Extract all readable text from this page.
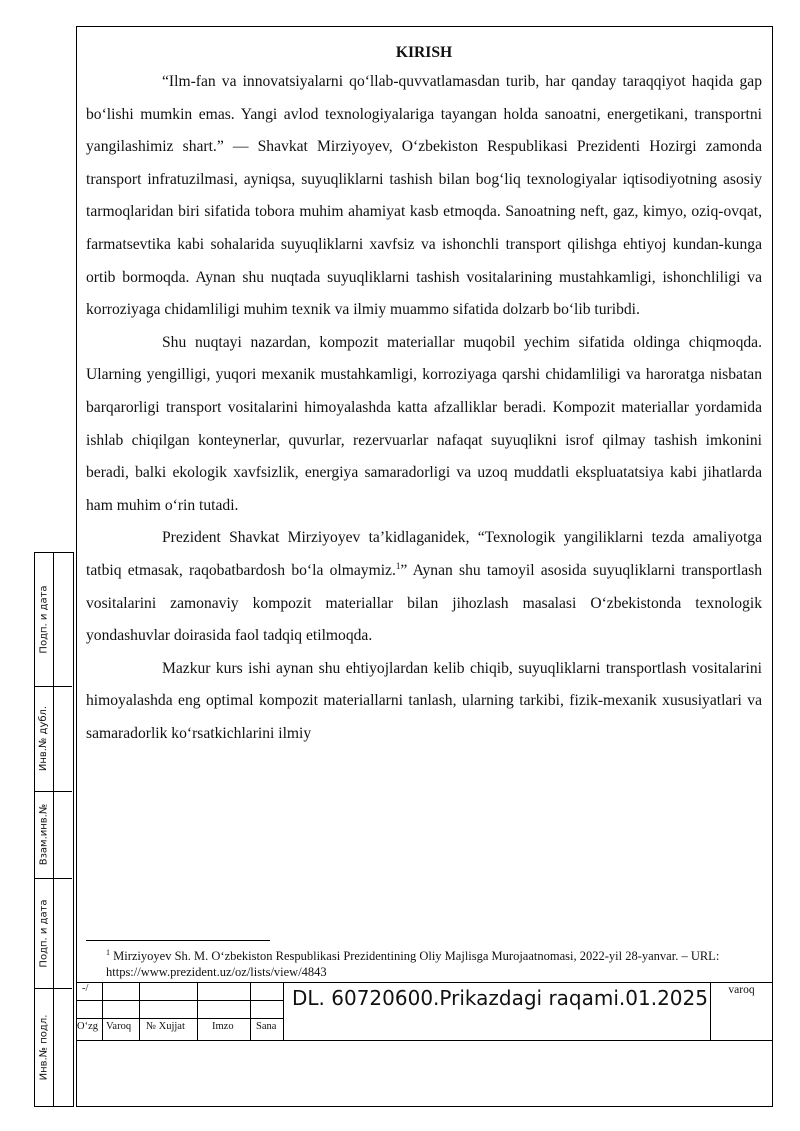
KIRISH

“Ilm-fan va innovatsiyalarni qoʻllab-quvvatlamasdan turib, har qanday taraqqiyot haqida gap boʻlishi mumkin emas. Yangi avlod texnologiyalariga tayangan holda sanoatni, energetikani, transportni yangilashimiz shart.” — Shavkat Mirziyoyev, Oʻzbekiston Respublikasi Prezidenti Hozirgi zamonda transport infratuzilmasi, ayniqsa, suyuqliklarni tashish bilan bogʻliq texnologiyalar iqtisodiyotning asosiy tarmoqlaridan biri sifatida tobora muhim ahamiyat kasb etmoqda. Sanoatning neft, gaz, kimyo, oziq-ovqat, farmatsevtika kabi sohalarida suyuqliklarni xavfsiz va ishonchli transport qilishga ehtiyoj kundan-kunga ortib bormoqda. Aynan shu nuqtada suyuqliklarni tashish vositalarining mustahkamligi, ishonchliligi va korroziyaga chidamliligi muhim texnik va ilmiy muammo sifatida dolzarb boʻlib turibdi.

Shu nuqtayi nazardan, kompozit materiallar muqobil yechim sifatida oldinga chiqmoqda. Ularning yengilligi, yuqori mexanik mustahkamligi, korroziyaga qarshi chidamliligi va haroratga nisbatan barqarorligi transport vositalarini himoyalashda katta afzalliklar beradi. Kompozit materiallar yordamida ishlab chiqilgan konteynerlar, quvurlar, rezervuarlar nafaqat suyuqlikni isrof qilmay tashish imkonini beradi, balki ekologik xavfsizlik, energiya samaradorligi va uzoq muddatli ekspluatatsiya kabi jihatlarda ham muhim oʻrin tutadi.

Prezident Shavkat Mirziyoyev taʼkidlaganidek, “Texnologik yangiliklarni tezda amaliyotga tatbiq etmasak, raqobatbardosh boʻla olmaymiz.$^1$” Aynan shu tamoyil asosida suyuqliklarni transportlash vositalarini zamonaviy kompozit materiallar bilan jihozlash masalasi Oʻzbekistonda texnologik yondashuvlar doirasida faol tadqiq etilmoqda.

Mazkur kurs ishi aynan shu ehtiyojlardan kelib chiqib, suyuqliklarni transportlash vositalarini himoyalashda eng optimal kompozit materiallarni tanlash, ularning tarkibi, fizik-mexanik xususiyatlari va samaradorlik koʻrsatkichlarini ilmiy

$^1$ Mirziyoyev Sh. M. Oʻzbekiston Respublikasi Prezidentining Oliy Majlisga Murojaatnomasi, 2022-yil 28-yanvar. – URL: https://www.prezident.uz/oz/lists/view/4843
Подп. и дата
Инв.№ дубл.
Взам.инв.№
Подп. и дата
Инв.№ подл.
-/
Oʻzg Varoq № Xujjat	Imzo Sana
DL. 60720600.Prikazdagi raqami.01.2025	varoq
